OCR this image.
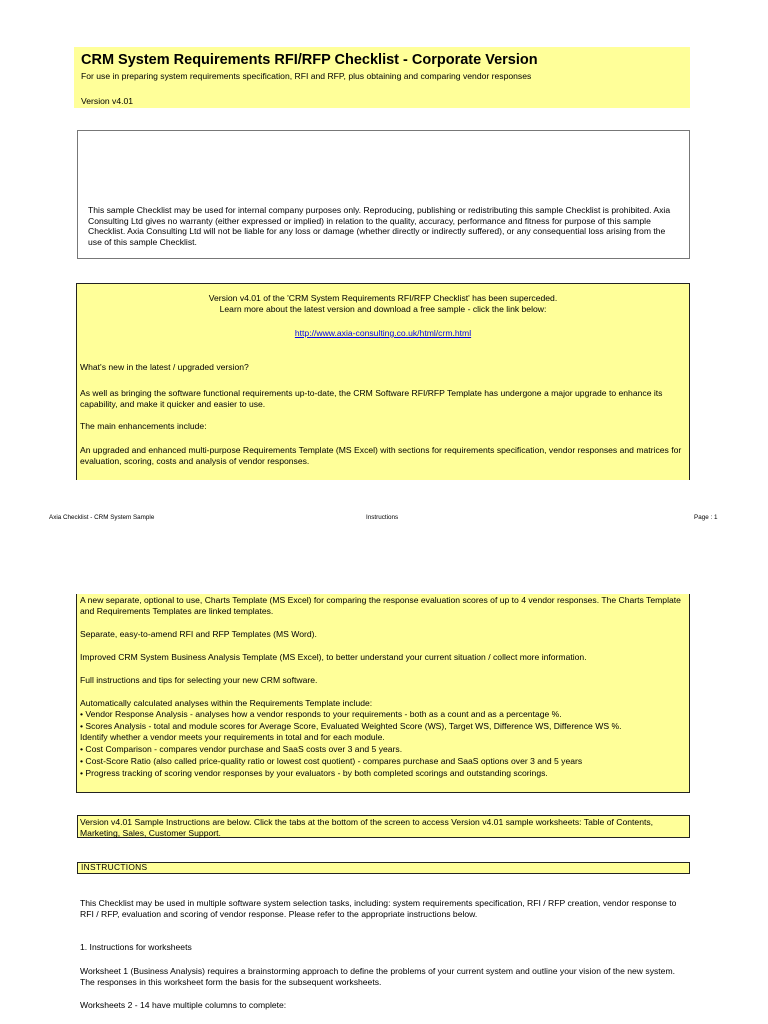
CRM System Requirements RFI/RFP Checklist - Corporate Version
For use in preparing system requirements specification, RFI and RFP, plus obtaining and comparing vendor responses
Version v4.01
This sample Checklist may be used for internal company purposes only. Reproducing, publishing or redistributing this sample Checklist is prohibited. Axia Consulting Ltd gives no warranty (either expressed or implied) in relation to the quality, accuracy, performance and fitness for purpose of this sample Checklist. Axia Consulting Ltd will not be liable for any loss or damage (whether directly or indirectly suffered), or any consequential loss arising from the use of this sample Checklist.
Version v4.01 of the 'CRM System Requirements RFI/RFP Checklist' has been superceded.
Learn more about the latest version and download a free sample - click the link below:
http://www.axia-consulting.co.uk/html/crm.html
What's new in the latest / upgraded version?
As well as bringing the software functional requirements up-to-date, the CRM Software RFI/RFP Template has undergone a major upgrade to enhance its capability, and make it quicker and easier to use.
The main enhancements include:
An upgraded and enhanced multi-purpose Requirements Template (MS Excel) with sections for requirements specification, vendor responses and matrices for evaluation, scoring, costs and analysis of vendor responses.
Axia Checklist - CRM System Sample	Instructions	Page : 1
A new separate, optional to use, Charts Template (MS Excel) for comparing the response evaluation scores of up to 4 vendor responses. The Charts Template and Requirements Templates are linked templates.
Separate, easy-to-amend RFI and RFP Templates (MS Word).
Improved CRM System Business Analysis Template (MS Excel), to better understand your current situation / collect more information.
Full instructions and tips for selecting your new CRM software.
Automatically calculated analyses within the Requirements Template include:
• Vendor Response Analysis - analyses how a vendor responds to your requirements - both as a count and as a percentage %.
• Scores Analysis - total and module scores for Average Score, Evaluated Weighted Score (WS), Target WS, Difference WS, Difference WS %.
Identify whether a vendor meets your requirements in total and for each module.
• Cost Comparison - compares vendor purchase and SaaS costs over 3 and 5 years.
• Cost-Score Ratio (also called price-quality ratio or lowest cost quotient) - compares purchase and SaaS options over 3 and 5 years
• Progress tracking of scoring vendor responses by your evaluators - by both completed scorings and outstanding scorings.
Version v4.01 Sample Instructions are below. Click the tabs at the bottom of the screen to access Version v4.01 sample worksheets: Table of Contents, Marketing, Sales, Customer Support.
INSTRUCTIONS
This Checklist may be used in multiple software system selection tasks, including: system requirements specification, RFI / RFP creation, vendor response to RFI / RFP, evaluation and scoring of vendor response. Please refer to the appropriate instructions below.
1. Instructions for worksheets
Worksheet 1 (Business Analysis) requires a brainstorming approach to define the problems of your current system and outline your vision of the new system. The responses in this worksheet form the basis for the subsequent worksheets.
Worksheets 2 - 14 have multiple columns to complete:
